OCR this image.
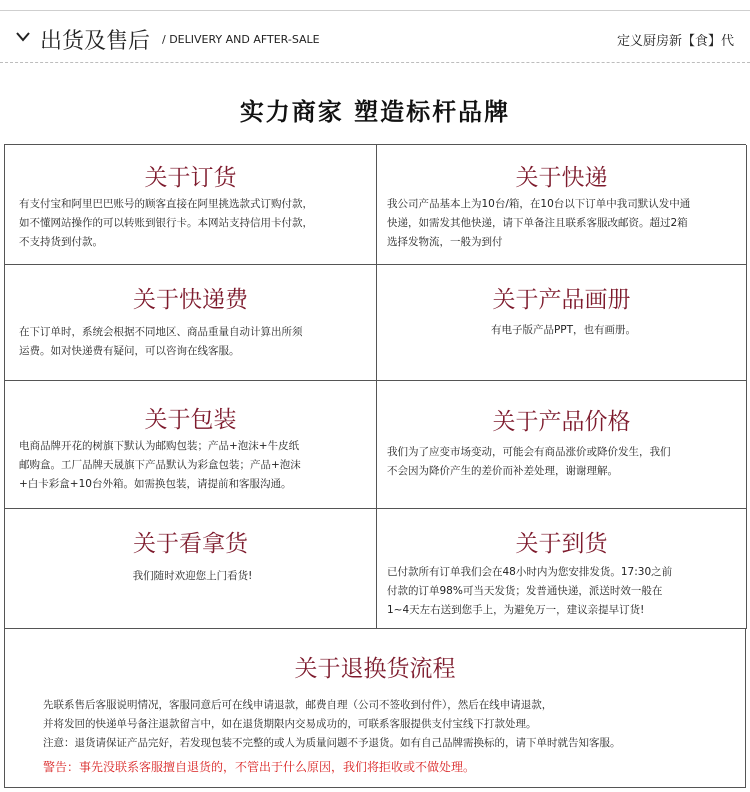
出货及售后 / DELIVERY AND AFTER-SALE	定义厨房新【食】代
实力商家 塑造标杆品牌
关于订货

有支付宝和阿里巴巴账号的顾客直接在阿里挑选款式订购付款，

如不懂网站操作的可以转账到银行卡。本网站支持信用卡付款，

不支持货到付款。

关于快递

我公司产品基本上为10台/箱，在10台以下订单中我司默认发中通

快递，如需发其他快递，请下单备注且联系客服改邮资。超过2箱

选择发物流，一般为到付

关于快递费

在下订单时，系统会根据不同地区、商品重量自动计算出所须

运费。如对快递费有疑问，可以咨询在线客服。

关于产品画册

有电子版产品PPT，也有画册。

关于包装

电商品牌开花的树旗下默认为邮购包装；产品+泡沫+牛皮纸

邮购盒。工厂品牌天晟旗下产品默认为彩盒包装；产品+泡沫

+白卡彩盒+10台外箱。如需换包装，请提前和客服沟通。

关于产品价格

我们为了应变市场变动，可能会有商品涨价或降价发生，我们

不会因为降价产生的差价而补差处理，谢谢理解。

关于看拿货

我们随时欢迎您上门看货!

关于到货

已付款所有订单我们会在48小时内为您安排发货。17:30之前

付款的订单98%可当天发货；发普通快递，派送时效一般在

1~4天左右送到您手上，为避免万一，建议亲提早订货!

关于退换货流程

先联系售后客服说明情况，客服同意后可在线申请退款，邮费自理（公司不签收到付件），然后在线申请退款，

并将发回的快递单号备注退款留言中，如在退货期限内交易成功的，可联系客服提供支付宝线下打款处理。

注意：退货请保证产品完好，若发现包装不完整的或人为质量问题不予退货。如有自己品牌需换标的，请下单时就告知客服。

警告：事先没联系客服擅自退货的，不管出于什么原因，我们将拒收或不做处理。
